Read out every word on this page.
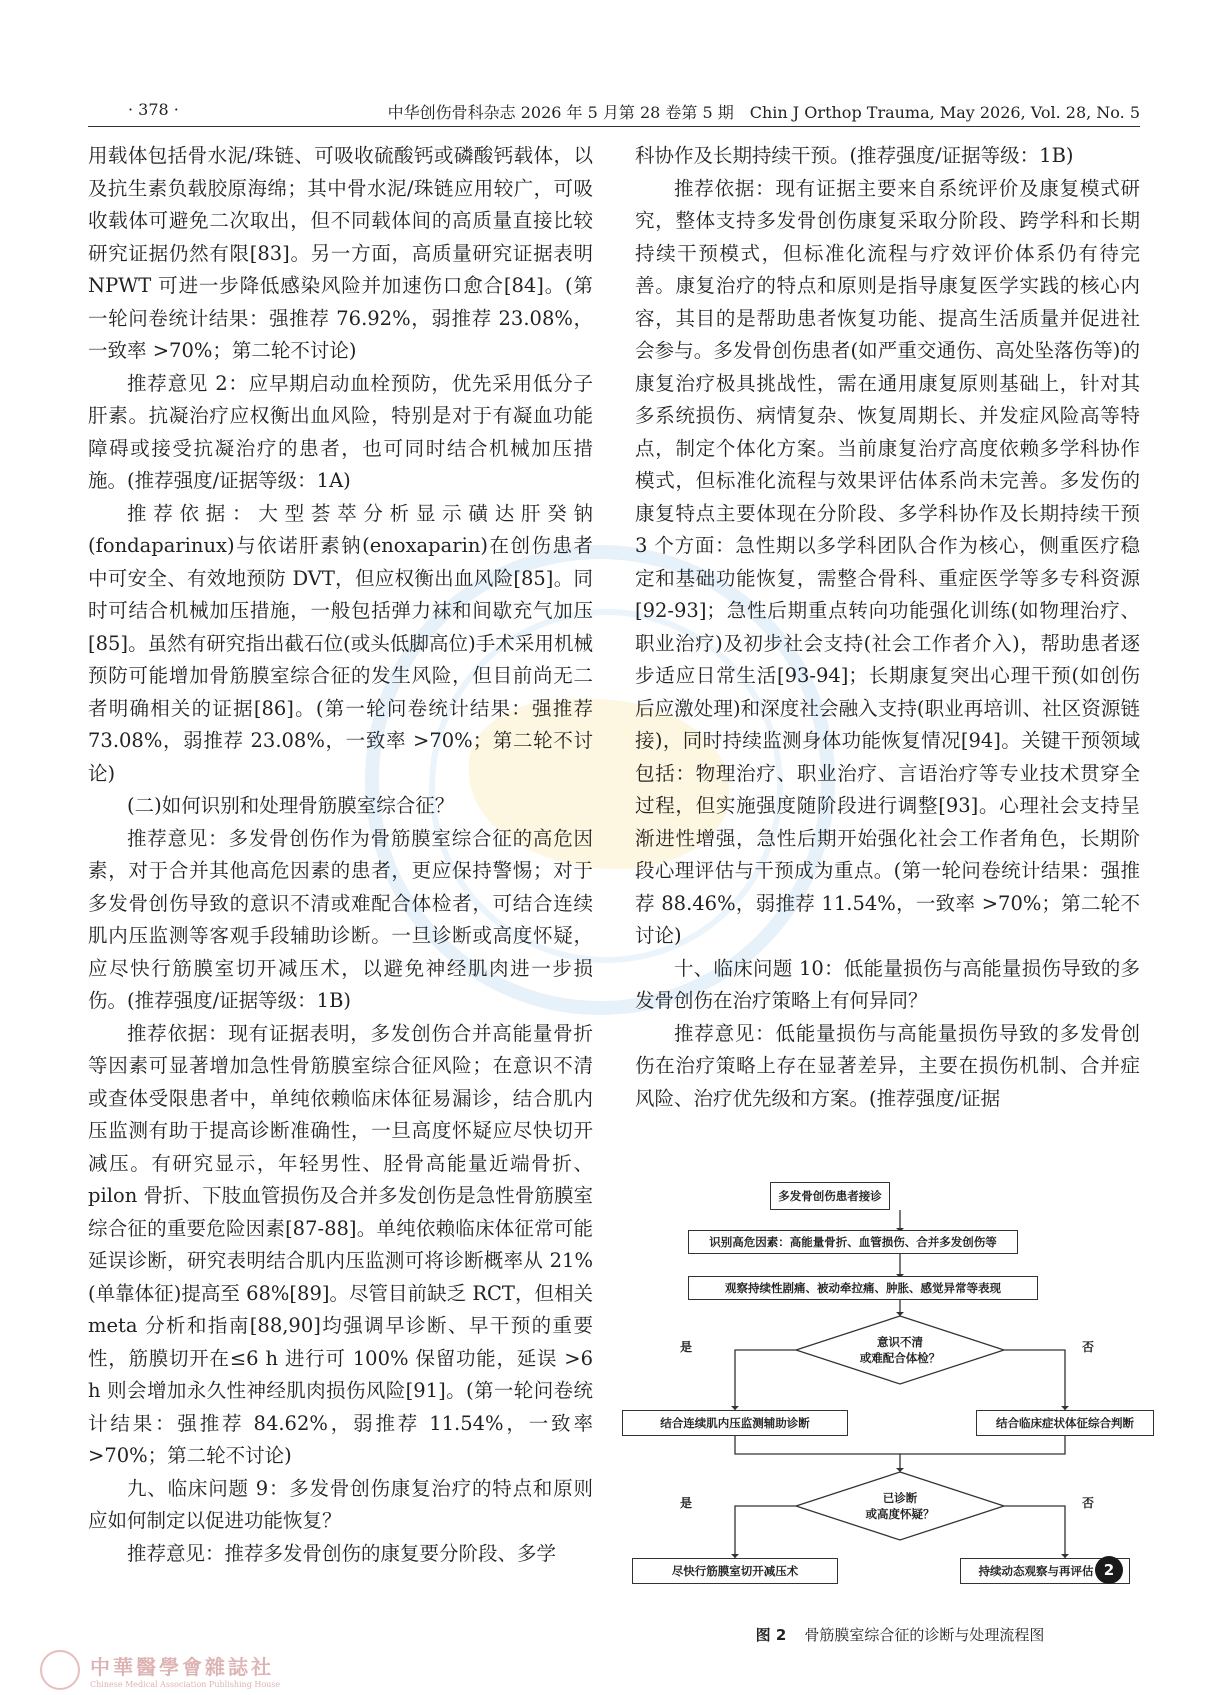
· 378 ·	中华创伤骨科杂志 2026 年 5 月第 28 卷第 5 期　Chin J Orthop Trauma, May 2026, Vol. 28, No. 5

用载体包括骨水泥/珠链、可吸收硫酸钙或磷酸钙载体，以及抗生素负载胶原海绵；其中骨水泥/珠链应用较广，可吸收载体可避免二次取出，但不同载体间的高质量直接比较研究证据仍然有限[83]。另一方面，高质量研究证据表明 NPWT 可进一步降低感染风险并加速伤口愈合[84]。(第一轮问卷统计结果：强推荐 76.92%，弱推荐 23.08%，一致率 >70%；第二轮不讨论)

推荐意见 2：应早期启动血栓预防，优先采用低分子肝素。抗凝治疗应权衡出血风险，特别是对于有凝血功能障碍或接受抗凝治疗的患者，也可同时结合机械加压措施。(推荐强度/证据等级：1A)

推荐依据：大型荟萃分析显示磺达肝癸钠(fondaparinux)与依诺肝素钠(enoxaparin)在创伤患者中可安全、有效地预防 DVT，但应权衡出血风险[85]。同时可结合机械加压措施，一般包括弹力袜和间歇充气加压[85]。虽然有研究指出截石位(或头低脚高位)手术采用机械预防可能增加骨筋膜室综合征的发生风险，但目前尚无二者明确相关的证据[86]。(第一轮问卷统计结果：强推荐 73.08%，弱推荐 23.08%，一致率 >70%；第二轮不讨论)

(二)如何识别和处理骨筋膜室综合征？

推荐意见：多发骨创伤作为骨筋膜室综合征的高危因素，对于合并其他高危因素的患者，更应保持警惕；对于多发骨创伤导致的意识不清或难配合体检者，可结合连续肌内压监测等客观手段辅助诊断。一旦诊断或高度怀疑，应尽快行筋膜室切开减压术，以避免神经肌肉进一步损伤。(推荐强度/证据等级：1B)

推荐依据：现有证据表明，多发创伤合并高能量骨折等因素可显著增加急性骨筋膜室综合征风险；在意识不清或查体受限患者中，单纯依赖临床体征易漏诊，结合肌内压监测有助于提高诊断准确性，一旦高度怀疑应尽快切开减压。有研究显示，年轻男性、胫骨高能量近端骨折、pilon 骨折、下肢血管损伤及合并多发创伤是急性骨筋膜室综合征的重要危险因素[87-88]。单纯依赖临床体征常可能延误诊断，研究表明结合肌内压监测可将诊断概率从 21%(单靠体征)提高至 68%[89]。尽管目前缺乏 RCT，但相关 meta 分析和指南[88,90]均强调早诊断、早干预的重要性，筋膜切开在≤6 h 进行可 100% 保留功能，延误 >6 h 则会增加永久性神经肌肉损伤风险[91]。(第一轮问卷统计结果：强推荐 84.62%，弱推荐 11.54%，一致率 >70%；第二轮不讨论)

九、临床问题 9：多发骨创伤康复治疗的特点和原则应如何制定以促进功能恢复？

推荐意见：推荐多发骨创伤的康复要分阶段、多学

科协作及长期持续干预。(推荐强度/证据等级：1B)

推荐依据：现有证据主要来自系统评价及康复模式研究，整体支持多发骨创伤康复采取分阶段、跨学科和长期持续干预模式，但标准化流程与疗效评价体系仍有待完善。康复治疗的特点和原则是指导康复医学实践的核心内容，其目的是帮助患者恢复功能、提高生活质量并促进社会参与。多发骨创伤患者(如严重交通伤、高处坠落伤等)的康复治疗极具挑战性，需在通用康复原则基础上，针对其多系统损伤、病情复杂、恢复周期长、并发症风险高等特点，制定个体化方案。当前康复治疗高度依赖多学科协作模式，但标准化流程与效果评估体系尚未完善。多发伤的康复特点主要体现在分阶段、多学科协作及长期持续干预 3 个方面：急性期以多学科团队合作为核心，侧重医疗稳定和基础功能恢复，需整合骨科、重症医学等多专科资源[92-93]；急性后期重点转向功能强化训练(如物理治疗、职业治疗)及初步社会支持(社会工作者介入)，帮助患者逐步适应日常生活[93-94]；长期康复突出心理干预(如创伤后应激处理)和深度社会融入支持(职业再培训、社区资源链接)，同时持续监测身体功能恢复情况[94]。关键干预领域包括：物理治疗、职业治疗、言语治疗等专业技术贯穿全过程，但实施强度随阶段进行调整[93]。心理社会支持呈渐进性增强，急性后期开始强化社会工作者角色，长期阶段心理评估与干预成为重点。(第一轮问卷统计结果：强推荐 88.46%，弱推荐 11.54%，一致率 >70%；第二轮不讨论)

十、临床问题 10：低能量损伤与高能量损伤导致的多发骨创伤在治疗策略上有何异同？

推荐意见：低能量损伤与高能量损伤导致的多发骨创伤在治疗策略上存在显著差异，主要在损伤机制、合并症风险、治疗优先级和方案。(推荐强度/证据

多发骨创伤患者接诊
识别高危因素：高能量骨折、血管损伤、合并多发创伤等
观察持续性剧痛、被动牵拉痛、肿胀、感觉异常等表现
意识不清
或难配合体检？
是	否
结合连续肌内压监测辅助诊断	结合临床症状体征综合判断
已诊断
或高度怀疑？
是	否
尽快行筋膜室切开减压术	持续动态观察与再评估 2
图 2 骨筋膜室综合征的诊断与处理流程图
中華醫學會雜誌社
Chinese Medical Association Publishing House
